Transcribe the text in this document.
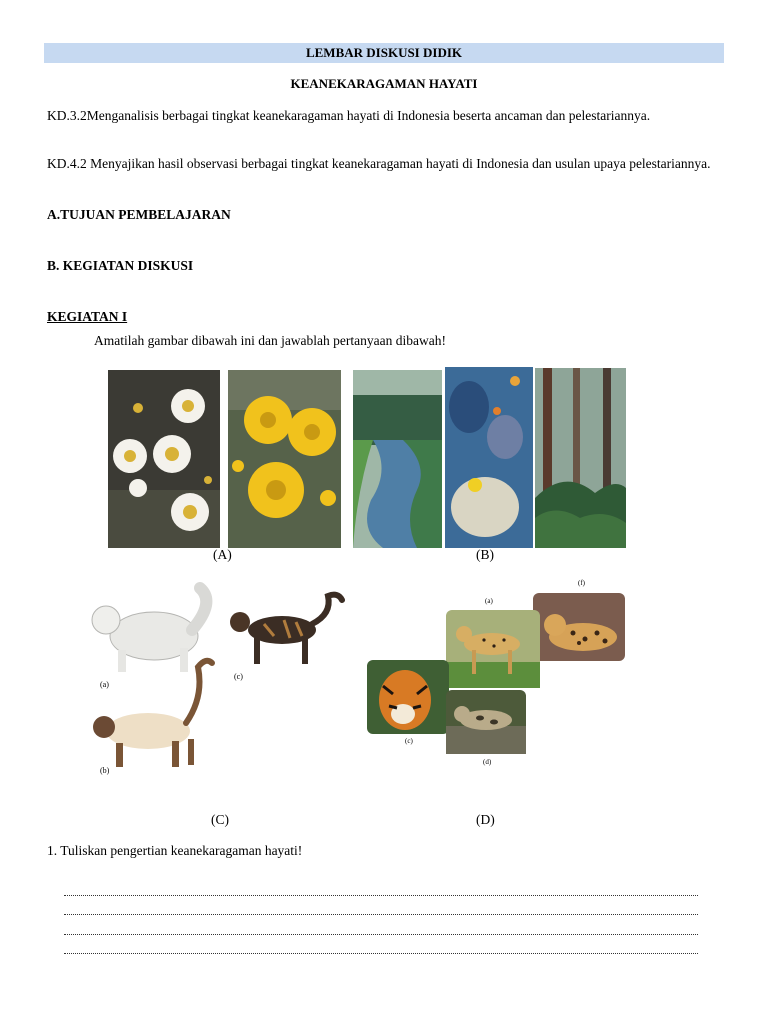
LEMBAR DISKUSI DIDIK
KEANEKARAGAMAN HAYATI
KD.3.2Menganalisis berbagai tingkat keanekaragaman hayati di Indonesia beserta ancaman dan pelestariannya.
KD.4.2 Menyajikan hasil observasi berbagai tingkat keanekaragaman hayati di Indonesia dan usulan upaya pelestariannya.
A.TUJUAN PEMBELAJARAN
B. KEGIATAN DISKUSI
KEGIATAN I
Amatilah gambar dibawah ini dan jawablah pertanyaan dibawah!
(A)	(B)
(a)
(c)
(b)
(a)
(f)
(c)
(d)
(C)	(D)
1. Tuliskan pengertian keanekaragaman hayati!
